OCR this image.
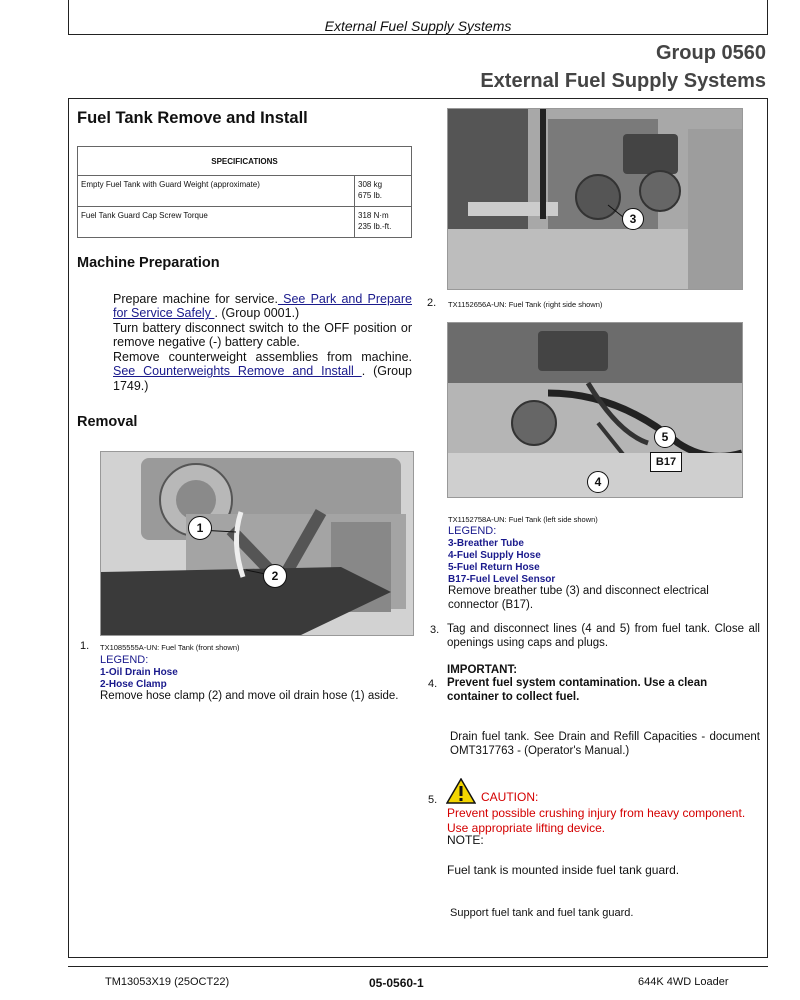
External Fuel Supply Systems
Group 0560
External Fuel Supply Systems
Fuel Tank Remove and Install
SPECIFICATIONS	
Empty Fuel Tank with Guard Weight (approximate)	308 kg
675 lb.
Fuel Tank Guard Cap Screw Torque	318 N·m
235 lb.-ft.
Machine Preparation
Prepare machine for service. See Park and Prepare for Service Safely . (Group 0001.)
Turn battery disconnect switch to the OFF position or remove negative (-) battery cable.
Remove counterweight assemblies from machine. See Counterweights Remove and Install . (Group 1749.)
Removal
1
2
1. TX1085555A-UN: Fuel Tank (front shown)
LEGEND:
1-Oil Drain Hose
2-Hose Clamp
Remove hose clamp (2) and move oil drain hose (1) aside.
3
2. TX1152656A-UN: Fuel Tank (right side shown)
5
B17
4
TX1152758A-UN: Fuel Tank (left side shown)
LEGEND:
3-Breather Tube
4-Fuel Supply Hose
5-Fuel Return Hose
B17-Fuel Level Sensor
Remove breather tube (3) and disconnect electrical connector (B17).
3. Tag and disconnect lines (4 and 5) from fuel tank. Close all openings using caps and plugs.
IMPORTANT:
4. Prevent fuel system contamination. Use a clean container to collect fuel.
Drain fuel tank. See Drain and Refill Capacities - document OMT317763 - (Operator's Manual.)
5.	CAUTION:
Prevent possible crushing injury from heavy component. Use appropriate lifting device.
NOTE:
Fuel tank is mounted inside fuel tank guard.
Support fuel tank and fuel tank guard.
TM13053X19 (25OCT22)	05-0560-1	644K 4WD Loader
